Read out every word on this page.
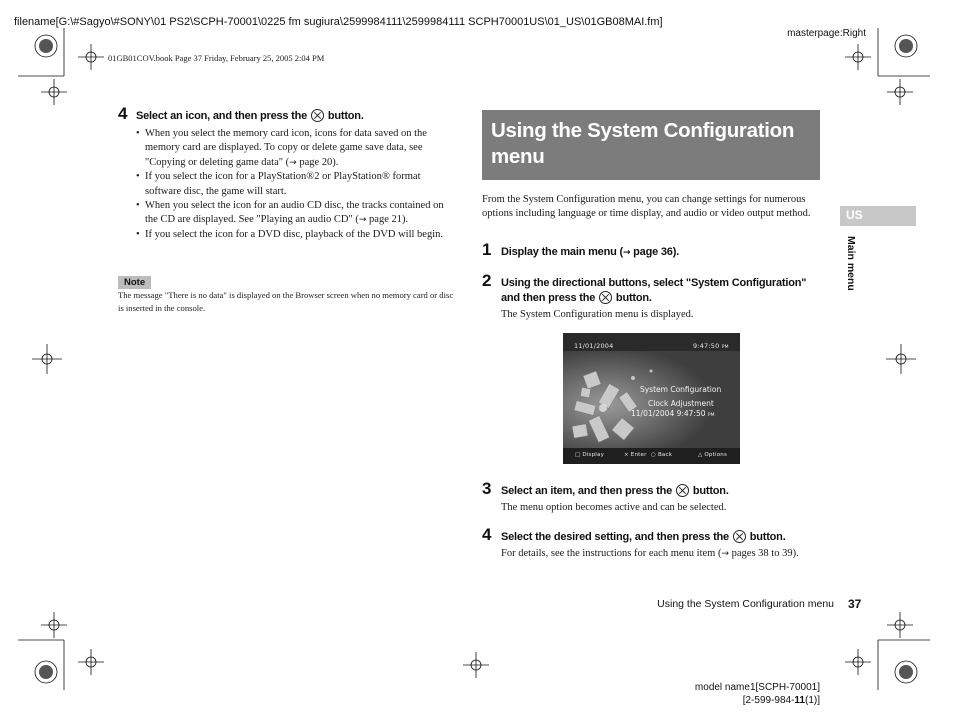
filename[G:\#Sagyo\#SONY\01 PS2\SCPH-70001\0225 fm sugiura\2599984111\2599984111 SCPH70001US\01_US\01GB08MAI.fm]
masterpage:Right
01GB01COV.book Page 37 Friday, February 25, 2005 2:04 PM
4 Select an icon, and then press the button.
• When you select the memory card icon, icons for data saved on the memory card are displayed. To copy or delete game save data, see "Copying or deleting game data" (→ page 20).
• If you select the icon for a PlayStation®2 or PlayStation® format software disc, the game will start.
• When you select the icon for an audio CD disc, the tracks contained on the CD are displayed. See "Playing an audio CD" (→ page 21).
• If you select the icon for a DVD disc, playback of the DVD will begin.
Note
The message "There is no data" is displayed on the Browser screen when no memory card or disc is inserted in the console.
Using the System Configuration menu
From the System Configuration menu, you can change settings for numerous options including language or time display, and audio or video output method.
1 Display the main menu (→ page 36).
2 Using the directional buttons, select "System Configuration" and then press the button.
The System Configuration menu is displayed.
11/01/2004	9:47:50 PM
System Configuration
Clock Adjustment
11/01/2004 9:47:50 PM
□ Display	× Enter ○ Back	△ Options
3 Select an item, and then press the button.
The menu option becomes active and can be selected.
4 Select the desired setting, and then press the button.
For details, see the instructions for each menu item (→ pages 38 to 39).
US
Main menu
Using the System Configuration menu 37
model name1[SCPH-70001]
[2-599-984-11(1)]
